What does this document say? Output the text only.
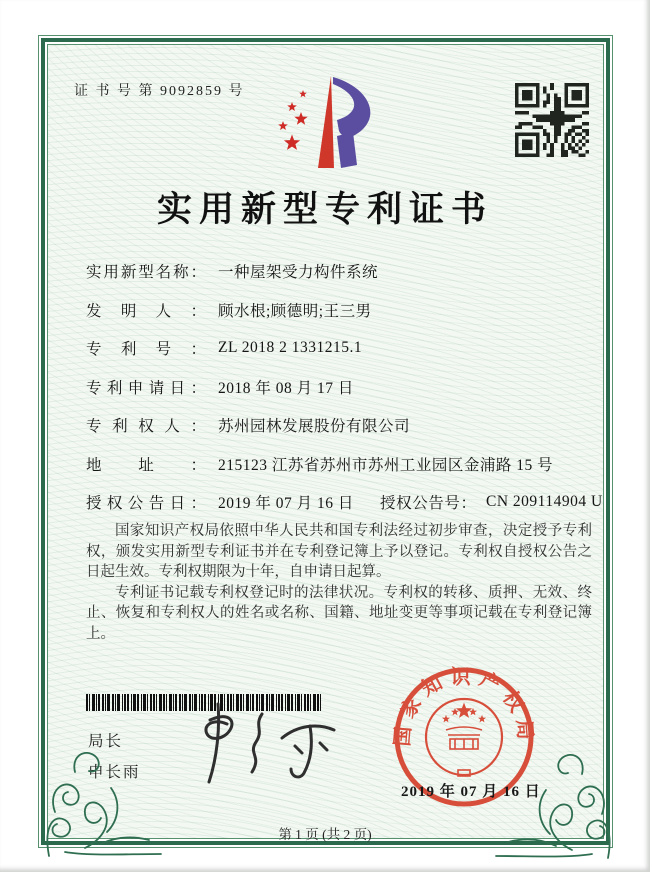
证 书 号 第 9092859 号
实用新型专利证书
实用新型名称： 一种屋架受力构件系统
发明人： 顾水根;顾德明;王三男
专利号： ZL 2018 2 1331215.1
专利申请日： 2018 年 08 月 17 日
专利权人： 苏州园林发展股份有限公司
地址： 215123 江苏省苏州市苏州工业园区金浦路 15 号
授权公告日： 2019 年 07 月 16 日 授权公告号： CN 209114904 U

国家知识产权局依照中华人民共和国专利法经过初步审查，决定授予专利权，颁发实用新型专利证书并在专利登记簿上予以登记。专利权自授权公告之日起生效。专利权期限为十年，自申请日起算。

专利证书记载专利权登记时的法律状况。专利权的转移、质押、无效、终止、恢复和专利权人的姓名或名称、国籍、地址变更等事项记载在专利登记簿上。

局长
申长雨
国家知识产权局
2019 年 07 月 16 日
第 1 页 (共 2 页)
